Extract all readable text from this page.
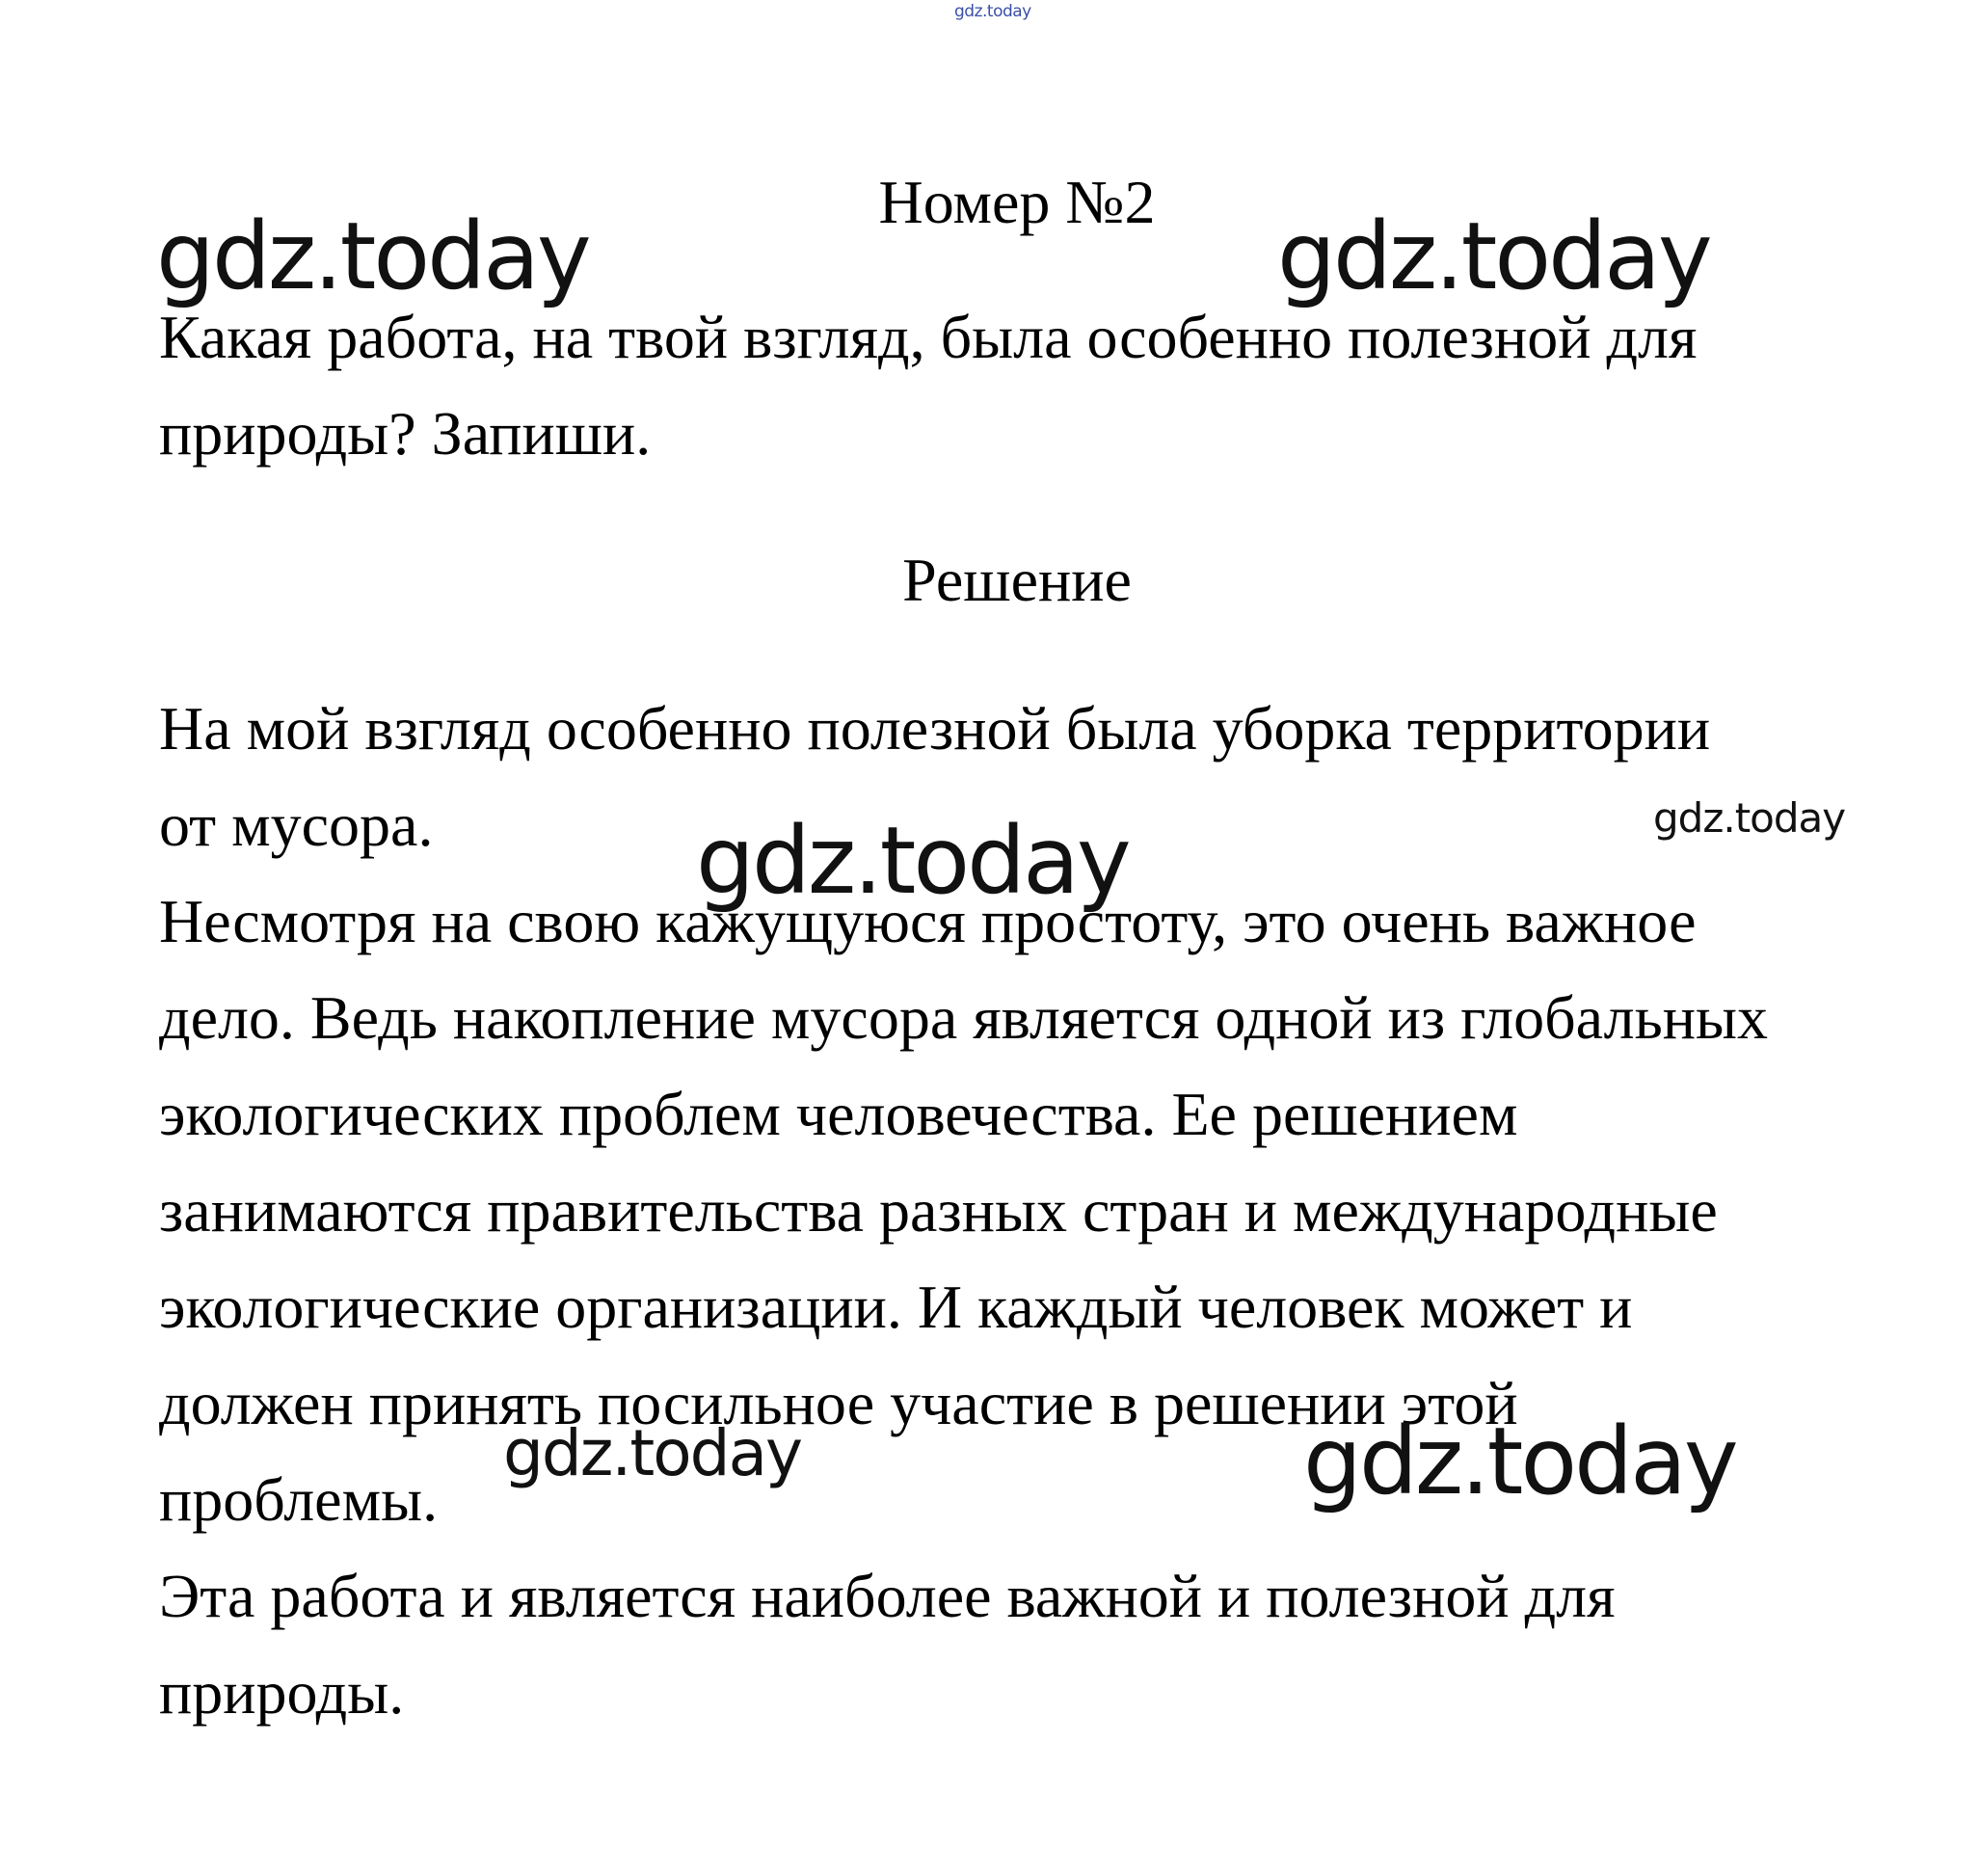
gdz.today
Номер №2
Какая работа, на твой взгляд, была особенно полезной для
природы? Запиши.
Решение
На мой взгляд особенно полезной была уборка территории
от мусора.
Несмотря на свою кажущуюся простоту, это очень важное
дело. Ведь накопление мусора является одной из глобальных
экологических проблем человечества. Ее решением
занимаются правительства разных стран и международные
экологические организации. И каждый человек может и
должен принять посильное участие в решении этой
проблемы.
Эта работа и является наиболее важной и полезной для
природы.
gdz.today	gdz.today
gdz.today	gdz.today
gdz.today	gdz.today
